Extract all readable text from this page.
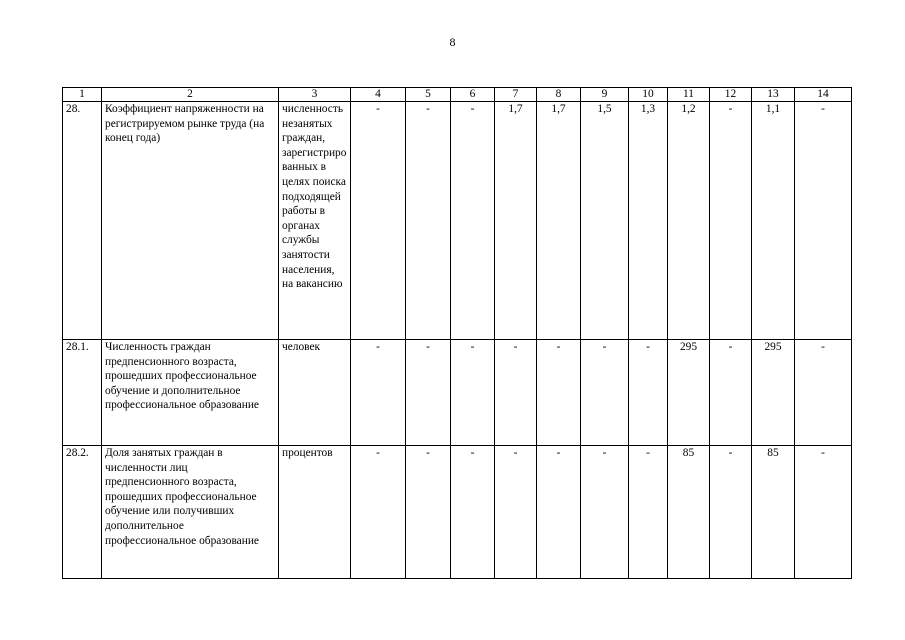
8
1	2	3	4	5	6	7	8	9	10	11	12	13	14
28.	Коэффициент напряженности на регистрируемом рынке труда (на конец года)	численность незанятых граждан, зарегистрированных в целях поиска подходящей работы в органах службы занятости населения, на вакансию	-	-	-	1,7	1,7	1,5	1,3	1,2	-	1,1	-
28.1.	Численность граждан предпенсионного возраста, прошедших профессиональное обучение и дополнительное профессиональное образование	человек	-	-	-	-	-	-	-	295	-	295	-
28.2.	Доля занятых граждан в численности лиц предпенсионного возраста, прошедших профессиональное обучение или получивших дополнительное профессиональное образование	процентов	-	-	-	-	-	-	-	85	-	85	-
